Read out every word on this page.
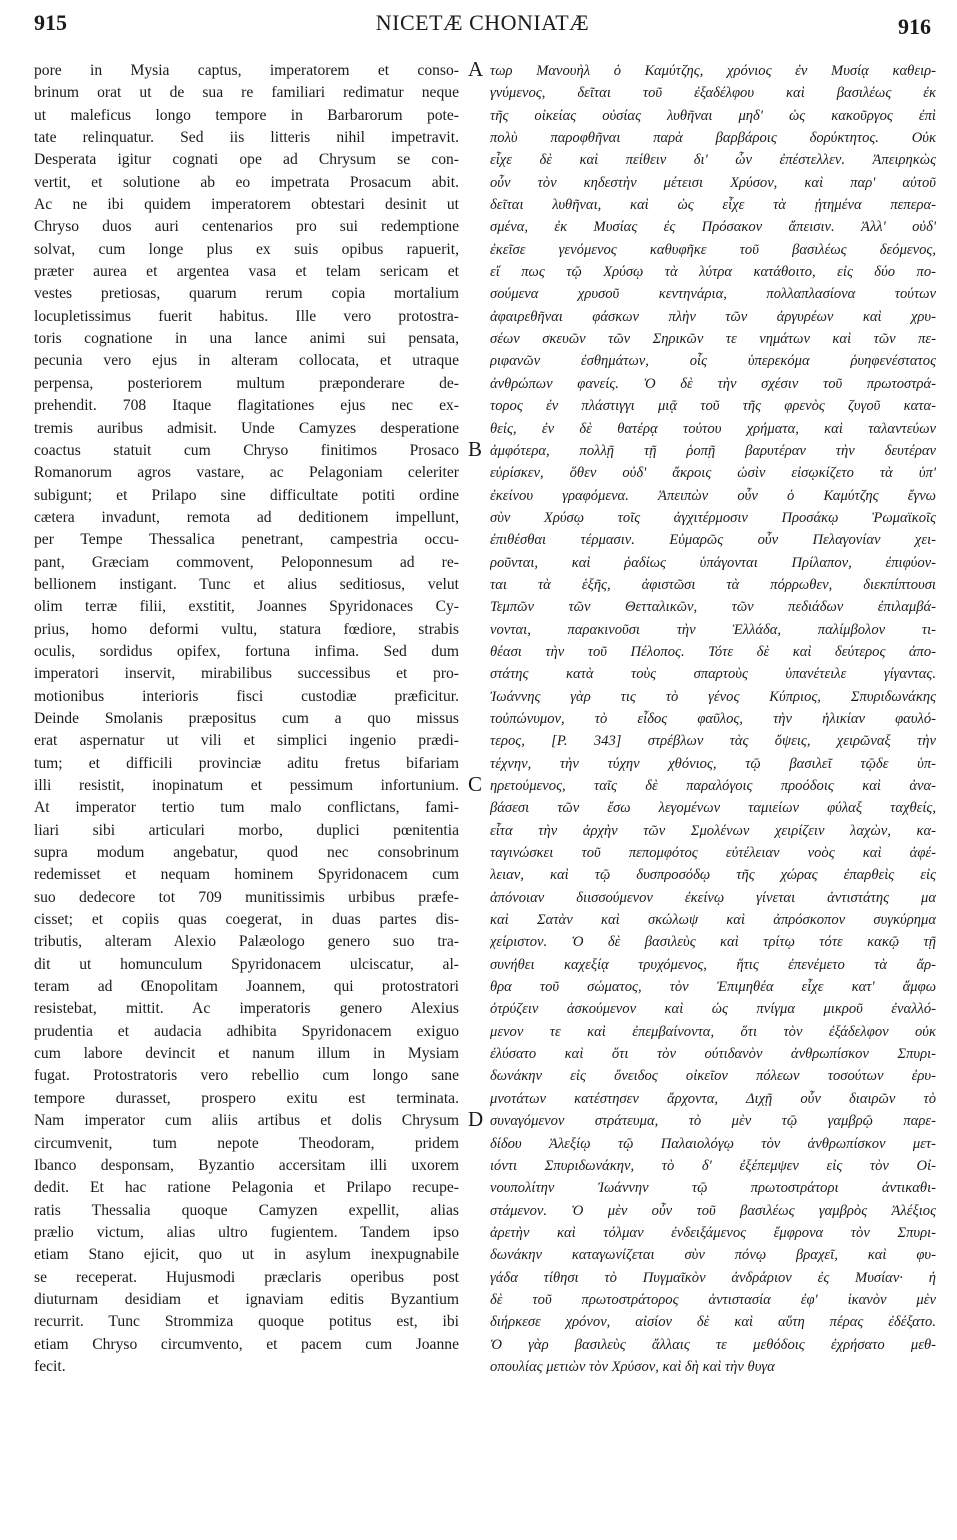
915	NICETÆ CHONIATÆ	916
pore in Mysia captus, imperatorem et conso-
brinum orat ut de sua re familiari redimatur neque
ut maleficus longo tempore in Barbarorum pote-
tate relinquatur. Sed iis litteris nihil impetravit.
Desperata igitur cognati ope ad Chrysum se con-
vertit, et solutione ab eo impetrata Prosacum abit.
Ac ne ibi quidem imperatorem obtestari desinit ut
Chryso duos auri centenarios pro sui redemptione
solvat, cum longe plus ex suis opibus rapuerit,
præter aurea et argentea vasa et telam sericam et
vestes pretiosas, quarum rerum copia mortalium
locupletissimus fuerit habitus. Ille vero protostra-
toris cognatione in una lance animi sui pensata,
pecunia vero ejus in alteram collocata, et utraque
perpensa, posteriorem multum præponderare de-
prehendit. 708 Itaque flagitationes ejus nec ex-
tremis auribus admisit. Unde Camyzes desperatione
coactus statuit cum Chryso finitimos Prosaco
Romanorum agros vastare, ac Pelagoniam celeriter
subigunt; et Prilapo sine difficultate potiti ordine
cætera invadunt, remota ad deditionem impellunt,
per Tempe Thessalica penetrant, campestria occu-
pant, Græciam commovent, Peloponnesum ad re-
bellionem instigant. Tunc et alius seditiosus, velut
olim terræ filii, exstitit, Joannes Spyridonaces Cy-
prius, homo deformi vultu, statura fœdiore, strabis
oculis, sordidus opifex, fortuna infima. Sed dum
imperatori inservit, mirabilibus successibus et pro-
motionibus interioris fisci custodiæ præficitur.
Deinde Smolanis præpositus cum a quo missus
erat aspernatur ut vili et simplici ingenio prædi-
tum; et difficili provinciæ aditu fretus bifariam
illi resistit, inopinatum et pessimum infortunium.
At imperator tertio tum malo conflictans, fami-
liari sibi articulari morbo, duplici pœnitentia
supra modum angebatur, quod nec consobrinum
redemisset et nequam hominem Spyridonacem cum
suo dedecore tot 709 munitissimis urbibus præfe-
cisset; et copiis quas coegerat, in duas partes dis-
tributis, alteram Alexio Palæologo genero suo tra-
dit ut homunculum Spyridonacem ulciscatur, al-
teram ad Œnopolitam Joannem, qui protostratori
resistebat, mittit. Ac imperatoris genero Alexius
prudentia et audacia adhibita Spyridonacem exiguo
cum labore devincit et nanum illum in Mysiam
fugat. Protostratoris vero rebellio cum longo sane
tempore durasset, prospero exitu est terminata.
Nam imperator cum aliis artibus et dolis Chrysum
circumvenit, tum nepote Theodoram, pridem
Ibanco desponsam, Byzantio accersitam illi uxorem
dedit. Et hac ratione Pelagonia et Prilapo recupe-
ratis Thessalia quoque Camyzen expellit, alias
prælio victum, alias ultro fugientem. Tandem ipso
etiam Stano ejicit, quo ut in asylum inexpugnabile
se receperat. Hujusmodi præclaris operibus post
diuturnam desidiam et ignaviam editis Byzantium
recurrit. Tunc Strommiza quoque potitus est, ibi
etiam Chryso circumvento, et pacem cum Joanne
fecit.
A
B
C
D
τωρ Μανουὴλ ὁ Καμύτζης, χρόνιος ἐν Μυσίᾳ καθειρ-
γνύμενος, δεῖται τοῦ ἐξαδέλφου καὶ βασιλέως ἐκ
τῆς οἰκείας οὐσίας λυθῆναι μηδ' ὡς κακοῦργος ἐπὶ
πολὺ παροφθῆναι παρὰ βαρβάροις δορύκτητος. Οὐκ
εἶχε δὲ καὶ πείθειν δι' ὧν ἐπέστελλεν. Ἀπειρηκὼς
οὖν τὸν κηδεστὴν μέτεισι Χρύσον, καὶ παρ' αὐτοῦ
δεῖται λυθῆναι, καὶ ὡς εἶχε τὰ ᾐτημένα πεπερα-
σμένα, ἐκ Μυσίας ἐς Πρόσακον ἄπεισιν. Ἀλλ' οὐδ'
ἐκεῖσε γενόμενος καθυφῆκε τοῦ βασιλέως δεόμενος,
εἴ πως τῷ Χρύσῳ τὰ λύτρα κατάθοιτο, εἰς δύο πο-
σούμενα χρυσοῦ κεντηνάρια, πολλαπλασίονα τούτων
ἀφαιρεθῆναι φάσκων πλὴν τῶν ἀργυρέων καὶ χρυ-
σέων σκευῶν τῶν Σηρικῶν τε νημάτων καὶ τῶν πε-
ριφανῶν ἐσθημάτων, οἷς ὑπερεκόμα ῥυηφενέστατος
ἀνθρώπων φανείς. Ὁ δὲ τὴν σχέσιν τοῦ πρωτοστρά-
τορος ἐν πλάστιγγι μιᾷ τοῦ τῆς φρενὸς ζυγοῦ κατα-
θείς, ἐν δὲ θατέρᾳ τούτου χρήματα, καὶ ταλαντεύων
ἀμφότερα, πολλῇ τῇ ῥοπῇ βαρυτέραν τὴν δευτέραν
εὑρίσκεν, ὅθεν οὐδ' ἄκροις ὠσὶν εἰσῳκίζετο τὰ ὑπ'
ἐκείνου γραφόμενα. Ἀπειπὼν οὖν ὁ Καμύτζης ἔγνω
σὺν Χρύσῳ τοῖς ἀγχιτέρμοσιν Προσάκῳ Ῥωμαϊκοῖς
ἐπιθέσθαι τέρμασιν. Εὐμαρῶς οὖν Πελαγονίαν χει-
ροῦνται, καὶ ῥαδίως ὑπάγονται Πρίλαπον, ἐπιφύον-
ται τὰ ἑξῆς, ἀφιστῶσι τὰ πόρρωθεν, διεκπίπτουσι
Τεμπῶν τῶν Θετταλικῶν, τῶν πεδιάδων ἐπιλαμβά-
νονται, παρακινοῦσι τὴν Ἑλλάδα, παλίμβολον τι-
θέασι τὴν τοῦ Πέλοπος. Τότε δὲ καὶ δεύτερος ἀπο-
στάτης κατὰ τοὺς σπαρτοὺς ὑπανέτειλε γίγαντας.
Ἰωάννης γὰρ τις τὸ γένος Κύπριος, Σπυριδωνάκης
τοὐπώνυμον, τὸ εἶδος φαῦλος, τὴν ἡλικίαν φαυλό-
τερος, [P. 343] στρέβλων τὰς ὄψεις, χειρῶναξ τὴν
τέχνην, τὴν τύχην χθόνιος, τῷ βασιλεῖ τῷδε ὑπ-
ηρετούμενος, ταῖς δὲ παραλόγοις προόδοις καὶ ἀνα-
βάσεσι τῶν ἔσω λεγομένων ταμιείων φύλαξ ταχθείς,
εἶτα τὴν ἀρχὴν τῶν Σμολένων χειρίζειν λαχὼν, κα-
ταγινώσκει τοῦ πεπομφότος εὐτέλειαν νοὸς καὶ ἀφέ-
λειαν, καὶ τῷ δυσπροσόδῳ τῆς χώρας ἐπαρθεὶς εἰς
ἀπόνοιαν διισσούμενον ἐκείνῳ γίνεται ἀντιστάτης μα
καὶ Σατὰν καὶ σκώλωψ καὶ ἀπρόσκοπον συγκύρημα
χείριστον. Ὁ δὲ βασιλεὺς καὶ τρίτῳ τότε κακῷ τῇ
συνήθει καχεξίᾳ τρυχόμενος, ἥτις ἐπενέμετο τὰ ἄρ-
θρα τοῦ σώματος, τὸν Ἐπιμηθέα εἶχε κατ' ἄμφω
ὀτρύζειν ἀσκούμενον καὶ ὡς πνίγμα μικροῦ ἐναλλό-
μενον τε καὶ ἐπεμβαίνοντα, ὅτι τὸν ἐξάδελφον οὐκ
ἐλύσατο καὶ ὅτι τὸν ούτιδανὸν ἀνθρωπίσκον Σπυρι-
δωνάκην εἰς ὄνειδος οἰκεῖον πόλεων τοσούτων ἐρυ-
μνοτάτων κατέστησεν ἄρχοντα, Διχῇ οὖν διαιρῶν τὸ
συναγόμενον στράτευμα, τὸ μὲν τῷ γαμβρῷ παρε-
δίδου Ἀλεξίῳ τῷ Παλαιολόγῳ τὸν ἀνθρωπίσκον μετ-
ιόντι Σπυριδωνάκην, τὸ δ' ἐξέπεμψεν εἰς τὸν Οἰ-
νουπολίτην Ἰωάννην τῷ πρωτοστράτορι ἀντικαθι-
στάμενον. Ὁ μὲν οὖν τοῦ βασιλέως γαμβρὸς Ἀλέξιος
ἀρετὴν καὶ τόλμαν ἐνδειξάμενος ἔμφρονα τὸν Σπυρι-
δωνάκην καταγωνίζεται σὺν πόνῳ βραχεῖ, καὶ φυ-
γάδα τίθησι τὸ Πυγμαῖκὸν ἀνδράριον ἐς Μυσίαν· ἡ
δὲ τοῦ πρωτοστράτορος ἀντιστασία ἐφ' ἱκανὸν μὲν
διήρκεσε χρόνον, αἰσίον δὲ καὶ αὕτη πέρας ἐδέξατο.
Ὁ γὰρ βασιλεὺς ἄλλαις τε μεθόδοις ἐχρήσατο μεθ-
οπουλίας μετιὼν τὸν Χρύσον, καὶ δὴ καὶ τὴν θυγα
